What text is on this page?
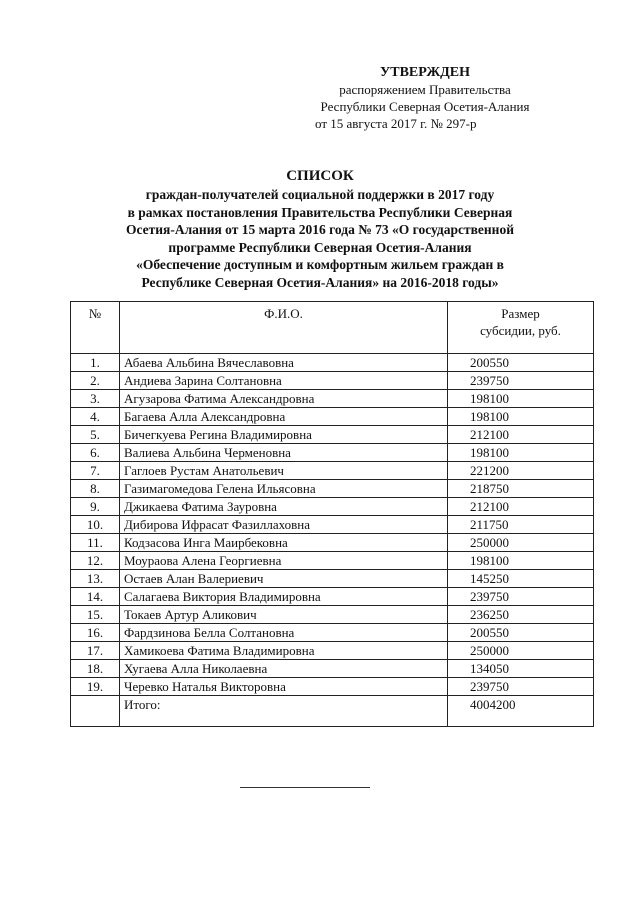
УТВЕРЖДЕН
распоряжением Правительства
Республики Северная Осетия-Алания
от 15 августа 2017 г. № 297-р
СПИСОК
граждан-получателей социальной поддержки в 2017 году
в рамках постановления Правительства Республики Северная
Осетия-Алания от 15 марта 2016 года № 73 «О государственной
программе Республики Северная Осетия-Алания
«Обеспечение доступным и комфортным жильем граждан в
Республике Северная Осетия-Алания» на 2016-2018 годы»
№	Ф.И.О.	Размер
субсидии, руб.

1.	Абаева Альбина Вячеславовна	200550
2.	Андиева Зарина Солтановна	239750
3.	Агузарова Фатима Александровна	198100
4.	Багаева Алла Александровна	198100
5.	Бичегкуева Регина Владимировна	212100
6.	Валиева Альбина Черменовна	198100
7.	Гаглоев Рустам Анатольевич	221200
8.	Газимагомедова Гелена Ильясовна	218750
9.	Джикаева Фатима Зауровна	212100
10.	Дибирова Ифрасат Фазиллаховна	211750
11.	Кодзасова Инга Маирбековна	250000
12.	Моураова Алена Георгиевна	198100
13.	Остаев Алан Валериевич	145250
14.	Салагаева Виктория Владимировна	239750
15.	Токаев Артур Аликович	236250
16.	Фардзинова Белла Солтановна	200550
17.	Хамикоева Фатима Владимировна	250000
18.	Хугаева Алла Николаевна	134050
19.	Черевко Наталья Викторовна	239750
	Итого:	4004200
